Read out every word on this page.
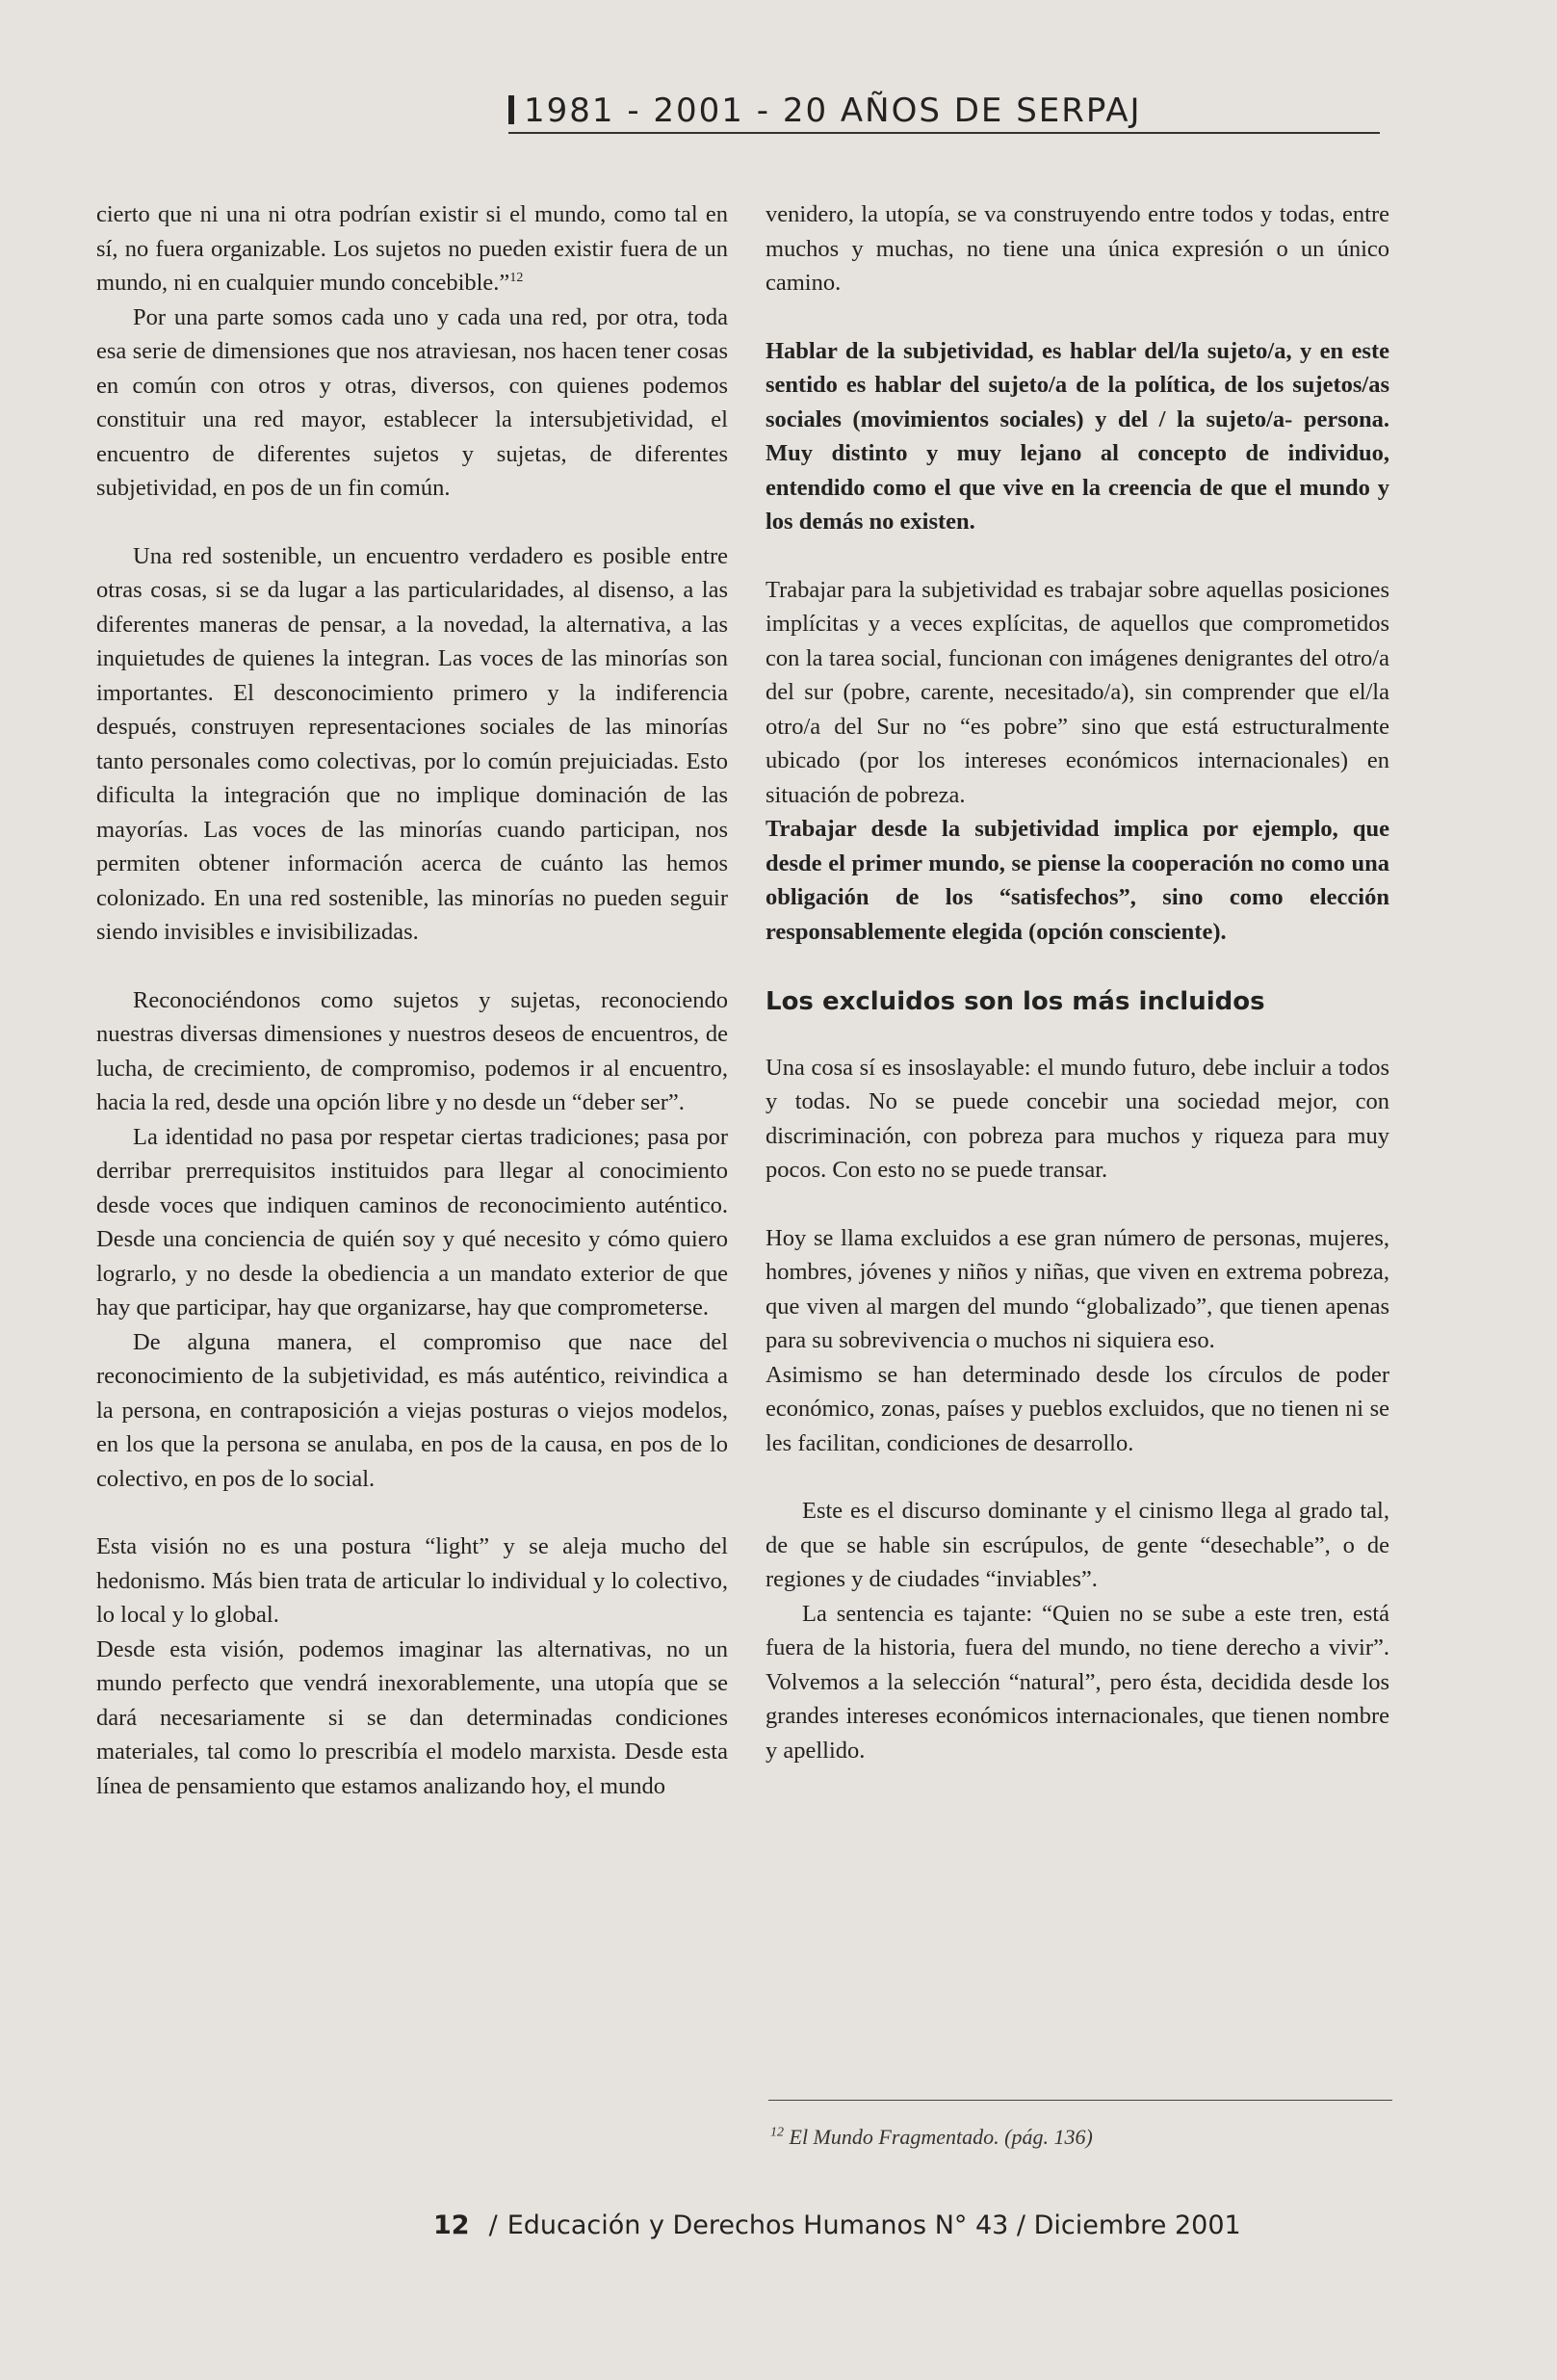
1981 - 2001 - 20 AÑOS DE SERPAJ

cierto que ni una ni otra podrían existir si el mundo, como tal en sí, no fuera organizable. Los sujetos no pueden existir fuera de un mundo, ni en cualquier mundo concebible.”$^{12}$

Por una parte somos cada uno y cada una red, por otra, toda esa serie de dimensiones que nos atraviesan, nos hacen tener cosas en común con otros y otras, diversos, con quienes podemos constituir una red mayor, establecer la intersubjetividad, el encuentro de diferentes sujetos y sujetas, de diferentes subjetividad, en pos de un fin común.

Una red sostenible, un encuentro verdadero es posible entre otras cosas, si se da lugar a las particularidades, al disenso, a las diferentes maneras de pensar, a la novedad, la alternativa, a las inquietudes de quienes la integran. Las voces de las minorías son importantes. El desconocimiento primero y la indiferencia después, construyen representaciones sociales de las minorías tanto personales como colectivas, por lo común prejuiciadas. Esto dificulta la integración que no implique dominación de las mayorías. Las voces de las minorías cuando participan, nos permiten obtener información acerca de cuánto las hemos colonizado. En una red sostenible, las minorías no pueden seguir siendo invisibles e invisibilizadas.

Reconociéndonos como sujetos y sujetas, reconociendo nuestras diversas dimensiones y nuestros deseos de encuentros, de lucha, de crecimiento, de compromiso, podemos ir al encuentro, hacia la red, desde una opción libre y no desde un “deber ser”.

La identidad no pasa por respetar ciertas tradiciones; pasa por derribar prerrequisitos instituidos para llegar al conocimiento desde voces que indiquen caminos de reconocimiento auténtico. Desde una conciencia de quién soy y qué necesito y cómo quiero lograrlo, y no desde la obediencia a un mandato exterior de que hay que participar, hay que organizarse, hay que comprometerse.

De alguna manera, el compromiso que nace del reconocimiento de la subjetividad, es más auténtico, reivindica a la persona, en contraposición a viejas posturas o viejos modelos, en los que la persona se anulaba, en pos de la causa, en pos de lo colectivo, en pos de lo social.

Esta visión no es una postura “light” y se aleja mucho del hedonismo. Más bien trata de articular lo individual y lo colectivo, lo local y lo global.

Desde esta visión, podemos imaginar las alternativas, no un mundo perfecto que vendrá inexorablemente, una utopía que se dará necesariamente si se dan determinadas condiciones materiales, tal como lo prescribía el modelo marxista. Desde esta línea de pensamiento que estamos analizando hoy, el mundo

venidero, la utopía, se va construyendo entre todos y todas, entre muchos y muchas, no tiene una única expresión o un único camino.

Hablar de la subjetividad, es hablar del/la sujeto/a, y en este sentido es hablar del sujeto/a de la política, de los sujetos/as sociales (movimientos sociales) y del / la sujeto/a- persona. Muy distinto y muy lejano al concepto de individuo, entendido como el que vive en la creencia de que el mundo y los demás no existen.

Trabajar para la subjetividad es trabajar sobre aquellas posiciones implícitas y a veces explícitas, de aquellos que comprometidos con la tarea social, funcionan con imágenes denigrantes del otro/a del sur (pobre, carente, necesitado/a), sin comprender que el/la otro/a del Sur no “es pobre” sino que está estructuralmente ubicado (por los intereses económicos internacionales) en situación de pobreza.

Trabajar desde la subjetividad implica por ejemplo, que desde el primer mundo, se piense la cooperación no como una obligación de los “satisfechos”, sino como elección responsablemente elegida (opción consciente).

Los excluidos son los más incluidos

Una cosa sí es insoslayable: el mundo futuro, debe incluir a todos y todas. No se puede concebir una sociedad mejor, con discriminación, con pobreza para muchos y riqueza para muy pocos. Con esto no se puede transar.

Hoy se llama excluidos a ese gran número de personas, mujeres, hombres, jóvenes y niños y niñas, que viven en extrema pobreza, que viven al margen del mundo “globalizado”, que tienen apenas para su sobrevivencia o muchos ni siquiera eso.

Asimismo se han determinado desde los círculos de poder económico, zonas, países y pueblos excluidos, que no tienen ni se les facilitan, condiciones de desarrollo.

Este es el discurso dominante y el cinismo llega al grado tal, de que se hable sin escrúpulos, de gente “desechable”, o de regiones y de ciudades “inviables”.

La sentencia es tajante: “Quien no se sube a este tren, está fuera de la historia, fuera del mundo, no tiene derecho a vivir”. Volvemos a la selección “natural”, pero ésta, decidida desde los grandes intereses económicos internacionales, que tienen nombre y apellido.

$^{12}$ El Mundo Fragmentado. (pág. 136)
12 / Educación y Derechos Humanos N° 43 / Diciembre 2001
